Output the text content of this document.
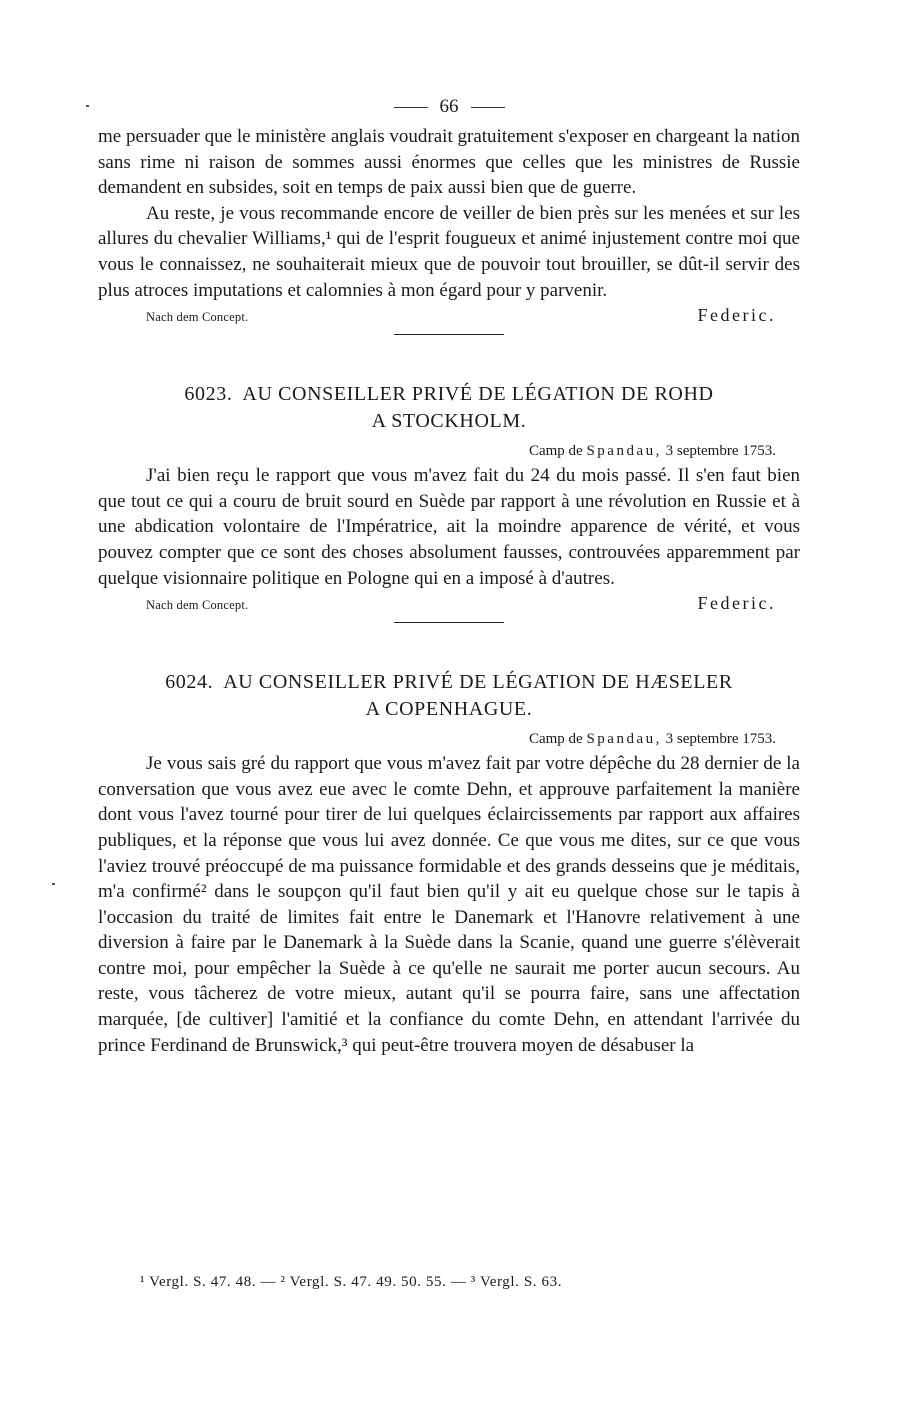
66

me persuader que le ministère anglais voudrait gratuitement s'exposer en chargeant la nation sans rime ni raison de sommes aussi énormes que celles que les ministres de Russie demandent en subsides, soit en temps de paix aussi bien que de guerre.

Au reste, je vous recommande encore de veiller de bien près sur les menées et sur les allures du chevalier Williams,¹ qui de l'esprit fougueux et animé injustement contre moi que vous le connaissez, ne souhaiterait mieux que de pouvoir tout brouiller, se dût-il servir des plus atroces imputations et calomnies à mon égard pour y parvenir.

Nach dem Concept.	Federic.
6023. AU CONSEILLER PRIVÉ DE LÉGATION DE ROHD
A STOCKHOLM.
Camp de Spandau, 3 septembre 1753.

J'ai bien reçu le rapport que vous m'avez fait du 24 du mois passé. Il s'en faut bien que tout ce qui a couru de bruit sourd en Suède par rapport à une révolution en Russie et à une abdication volontaire de l'Impératrice, ait la moindre apparence de vérité, et vous pouvez compter que ce sont des choses absolument fausses, controuvées apparemment par quelque visionnaire politique en Pologne qui en a imposé à d'autres.

Nach dem Concept.	Federic.
6024. AU CONSEILLER PRIVÉ DE LÉGATION DE HÆSELER
A COPENHAGUE.
Camp de Spandau, 3 septembre 1753.

Je vous sais gré du rapport que vous m'avez fait par votre dépêche du 28 dernier de la conversation que vous avez eue avec le comte Dehn, et approuve parfaitement la manière dont vous l'avez tourné pour tirer de lui quelques éclaircissements par rapport aux affaires publiques, et la réponse que vous lui avez donnée. Ce que vous me dites, sur ce que vous l'aviez trouvé préoccupé de ma puissance formidable et des grands desseins que je méditais, m'a confirmé² dans le soupçon qu'il faut bien qu'il y ait eu quelque chose sur le tapis à l'occasion du traité de limites fait entre le Danemark et l'Hanovre relativement à une diversion à faire par le Danemark à la Suède dans la Scanie, quand une guerre s'élèverait contre moi, pour empêcher la Suède à ce qu'elle ne saurait me porter aucun secours. Au reste, vous tâcherez de votre mieux, autant qu'il se pourra faire, sans une affectation marquée, [de cultiver] l'amitié et la confiance du comte Dehn, en attendant l'arrivée du prince Ferdinand de Brunswick,³ qui peut-être trouvera moyen de désabuser la

¹ Vergl. S. 47. 48. — ² Vergl. S. 47. 49. 50. 55. — ³ Vergl. S. 63.
